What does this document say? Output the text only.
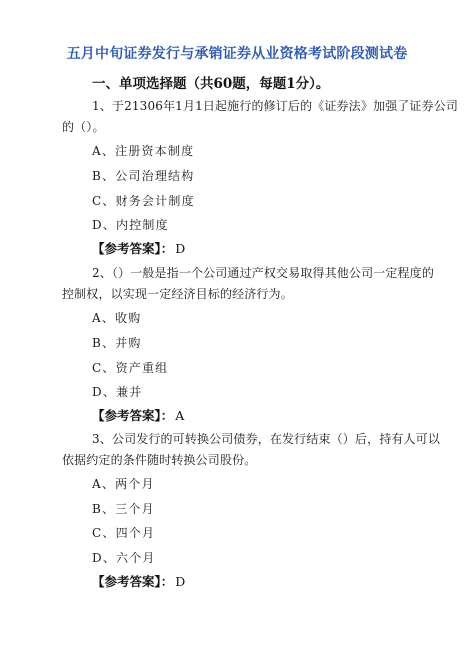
五月中旬证券发行与承销证券从业资格考试阶段测试卷
一、单项选择题（共60题，每题1分）。
1、于21306年1月1日起施行的修订后的《证券法》加强了证券公司
的（）。
A、注册资本制度
B、公司治理结构
C、财务会计制度
D、内控制度
【参考答案】： D
2、（）一般是指一个公司通过产权交易取得其他公司一定程度的
控制权，以实现一定经济目标的经济行为。
A、收购
B、并购
C、资产重组
D、兼并
【参考答案】： A
3、公司发行的可转换公司债券，在发行结束（）后，持有人可以
依据约定的条件随时转换公司股份。
A、两个月
B、三个月
C、四个月
D、六个月
【参考答案】： D
